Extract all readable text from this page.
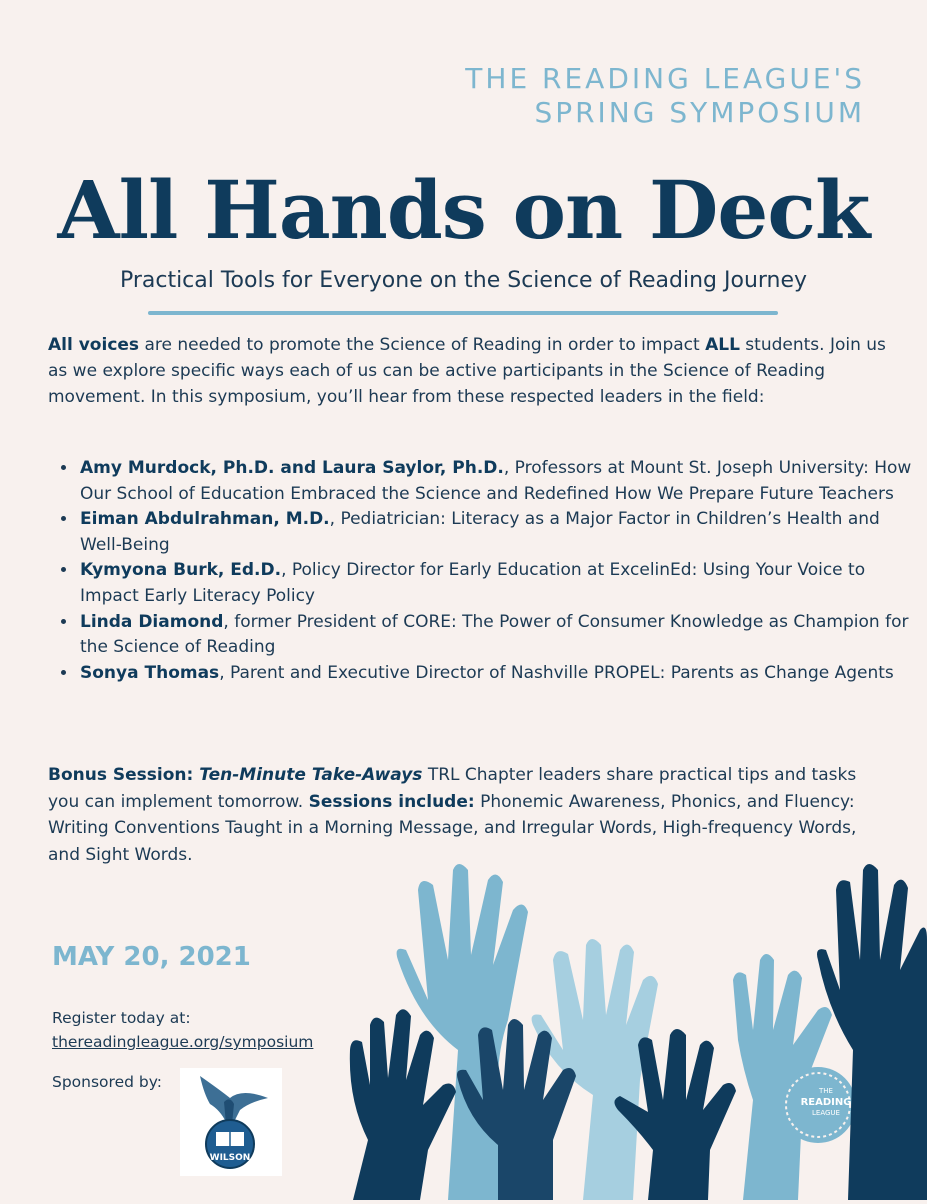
THE READING LEAGUE'S
SPRING SYMPOSIUM
All Hands on Deck
Practical Tools for Everyone on the Science of Reading Journey
All voices are needed to promote the Science of Reading in order to impact ALL students. Join us as we explore specific ways each of us can be active participants in the Science of Reading movement. In this symposium, you’ll hear from these respected leaders in the field:
• Amy Murdock, Ph.D. and Laura Saylor, Ph.D., Professors at Mount St. Joseph University: How Our School of Education Embraced the Science and Redefined How We Prepare Future Teachers
• Eiman Abdulrahman, M.D., Pediatrician: Literacy as a Major Factor in Children’s Health and Well-Being
• Kymyona Burk, Ed.D., Policy Director for Early Education at ExcelinEd: Using Your Voice to Impact Early Literacy Policy
• Linda Diamond, former President of CORE: The Power of Consumer Knowledge as Champion for the Science of Reading
• Sonya Thomas, Parent and Executive Director of Nashville PROPEL: Parents as Change Agents
Bonus Session: Ten-Minute Take-Aways TRL Chapter leaders share practical tips and tasks you can implement tomorrow. Sessions include: Phonemic Awareness, Phonics, and Fluency: Writing Conventions Taught in a Morning Message, and Irregular Words, High-frequency Words, and Sight Words.
MAY 20, 2021
Register today at:
thereadingleague.org/symposium
Sponsored by:
WILSON
THE
READING
LEAGUE
